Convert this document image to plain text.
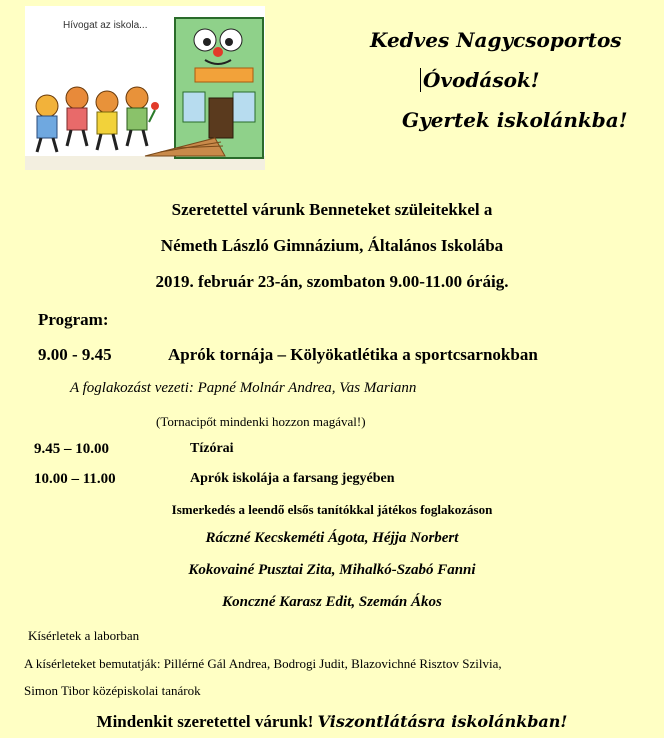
Hívogat az iskola...
Kedves Nagycsoportos
Óvodások!
Gyertek iskolánkba!
Szeretettel várunk Benneteket szüleitekkel a
Németh László Gimnázium, Általános Iskolába
2019. február 23-án, szombaton 9.00-11.00 óráig.
Program:
9.00 - 9.45	Aprók tornája – Kölyökatlétika a sportcsarnokban
A foglakozást vezeti: Papné Molnár Andrea, Vas Mariann
(Tornacipőt mindenki hozzon magával!)
9.45 – 10.00	Tízórai
10.00 – 11.00	Aprók iskolája a farsang jegyében
Ismerkedés a leendő elsős tanítókkal játékos foglakozáson
Ráczné Kecskeméti Ágota, Héjja Norbert
Kokovainé Pusztai Zita, Mihalkó-Szabó Fanni
Konczné Karasz Edit, Szemán Ákos
Kísérletek a laborban
A kísérleteket bemutatják: Pillérné Gál Andrea, Bodrogi Judit, Blazovichné Risztov Szilvia,
Simon Tibor középiskolai tanárok
Mindenkit szeretettel várunk! Viszontlátásra iskolánkban!
